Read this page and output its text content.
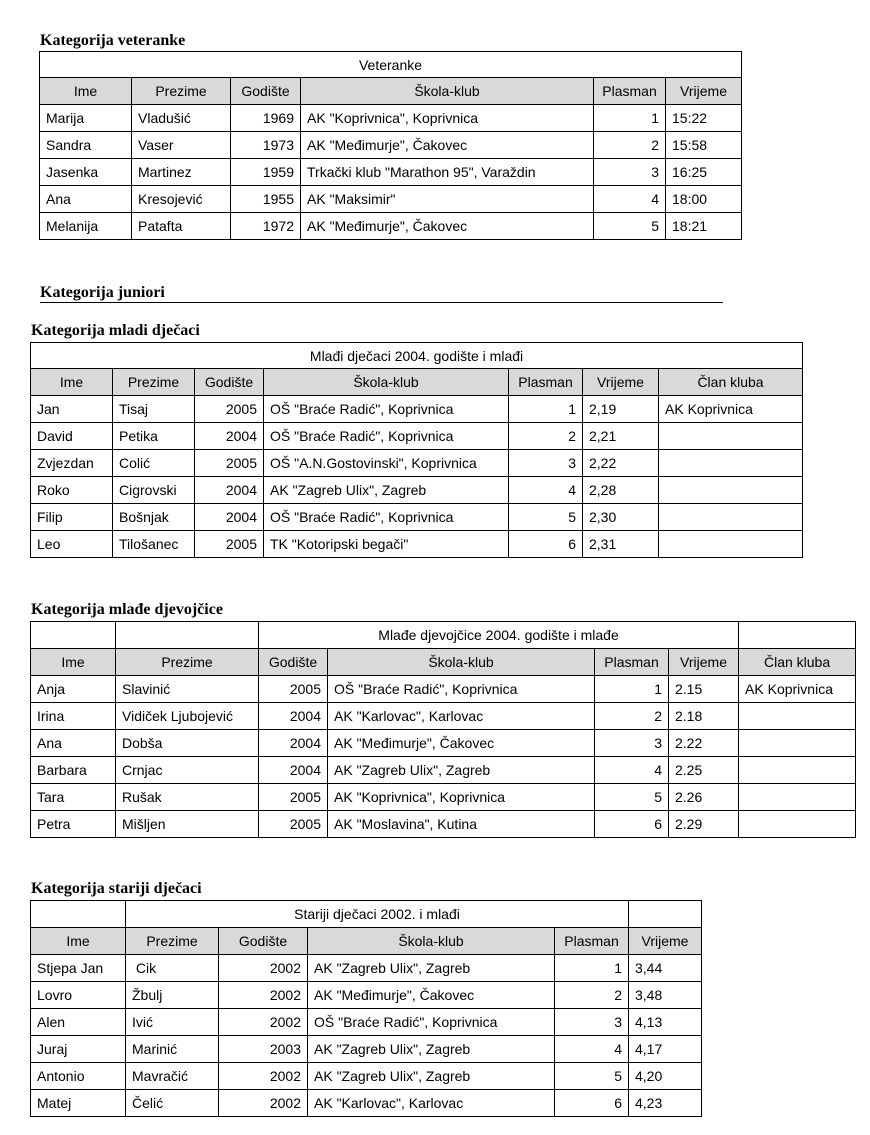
Kategorija veteranke
Veteranke					
Ime	Prezime	Godište	Škola-klub	Plasman	Vrijeme
Marija	Vladušić	1969	AK "Koprivnica", Koprivnica	1	15:22
Sandra	Vaser	1973	AK "Međimurje", Čakovec	2	15:58
Jasenka	Martinez	1959	Trkački klub "Marathon 95", Varaždin	3	16:25
Ana	Kresojević	1955	AK "Maksimir"	4	18:00
Melanija	Patafta	1972	AK "Međimurje", Čakovec	5	18:21
Kategorija juniori
Kategorija mladi dječaci
Mlađi dječaci 2004. godište i mlađi						
Ime	Prezime	Godište	Škola-klub	Plasman	Vrijeme	Član kluba
Jan	Tisaj	2005	OŠ "Braće Radić", Koprivnica	1	2,19	AK Koprivnica
David	Petika	2004	OŠ "Braće Radić", Koprivnica	2	2,21	
Zvjezdan	Colić	2005	OŠ "A.N.Gostovinski", Koprivnica	3	2,22	
Roko	Cigrovski	2004	AK "Zagreb Ulix", Zagreb	4	2,28	
Filip	Bošnjak	2004	OŠ "Braće Radić", Koprivnica	5	2,30	
Leo	Tilošanec	2005	TK "Kotoripski begači"	6	2,31	
Kategorija mlađe djevojčice
		Mlađe djevojčice 2004. godište i mlađe				
Ime	Prezime	Godište	Škola-klub	Plasman	Vrijeme	Član kluba
Anja	Slavinić	2005	OŠ "Braće Radić", Koprivnica	1	2.15	AK Koprivnica
Irina	Vidiček Ljubojević	2004	AK "Karlovac", Karlovac	2	2.18	
Ana	Dobša	2004	AK "Međimurje", Čakovec	3	2.22	
Barbara	Crnjac	2004	AK "Zagreb Ulix", Zagreb	4	2.25	
Tara	Rušak	2005	AK "Koprivnica", Koprivnica	5	2.26	
Petra	Mišljen	2005	AK "Moslavina", Kutina	6	2.29	
Kategorija stariji dječaci
	Stariji dječaci 2002. i mlađi				
Ime	Prezime	Godište	Škola-klub	Plasman	Vrijeme
Stjepa Jan	Cik	2002	AK "Zagreb Ulix", Zagreb	1	3,44
Lovro	Žbulj	2002	AK "Međimurje", Čakovec	2	3,48
Alen	Ivić	2002	OŠ "Braće Radić", Koprivnica	3	4,13
Juraj	Marinić	2003	AK "Zagreb Ulix", Zagreb	4	4,17
Antonio	Mavračić	2002	AK "Zagreb Ulix", Zagreb	5	4,20
Matej	Čelić	2002	AK "Karlovac", Karlovac	6	4,23
